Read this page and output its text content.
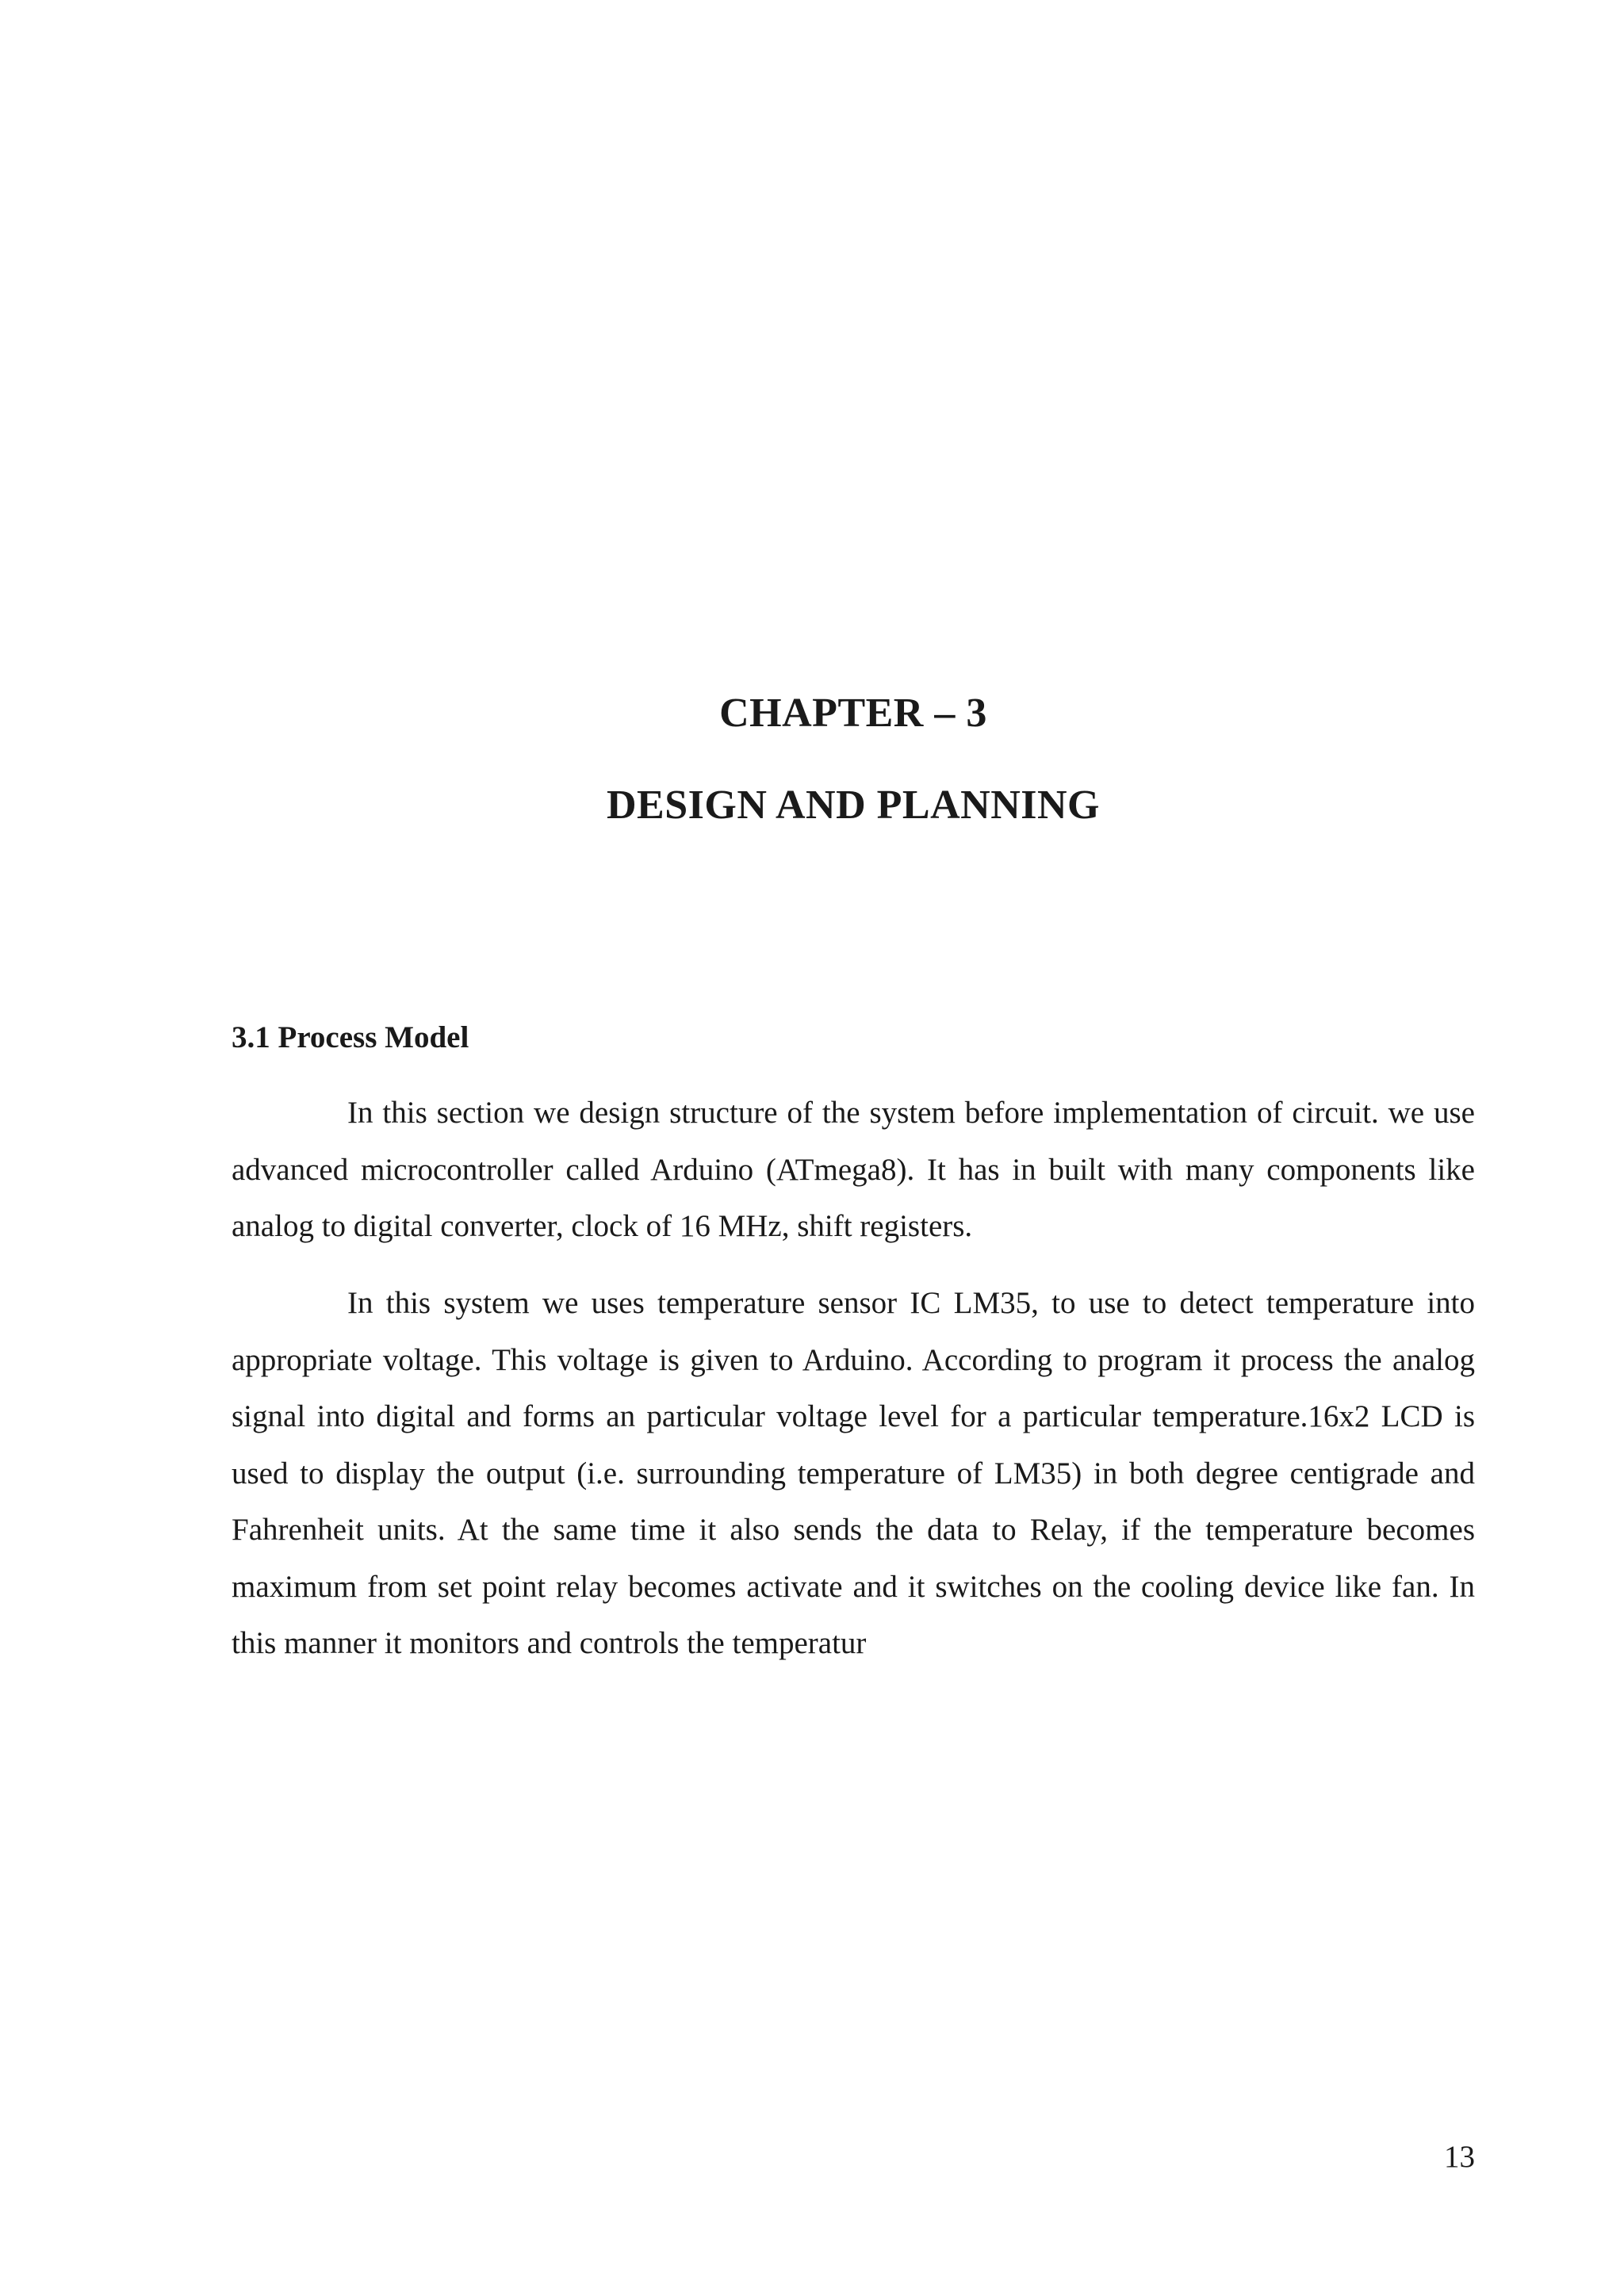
CHAPTER – 3
DESIGN AND PLANNING
3.1 Process Model

In this section we design structure of the system before implementation of circuit. we use advanced microcontroller called Arduino (ATmega8). It has in built with many components like analog to digital converter, clock of 16 MHz, shift registers.

In this system we uses temperature sensor IC LM35, to use to detect temperature into appropriate voltage. This voltage is given to Arduino. According to program it process the analog signal into digital and forms an particular voltage level for a particular temperature.16x2 LCD is used to display the output (i.e. surrounding temperature of LM35) in both degree centigrade and Fahrenheit units. At the same time it also sends the data to Relay, if the temperature becomes maximum from set point relay becomes activate and it switches on the cooling device like fan. In this manner it monitors and controls the temperatur

13
